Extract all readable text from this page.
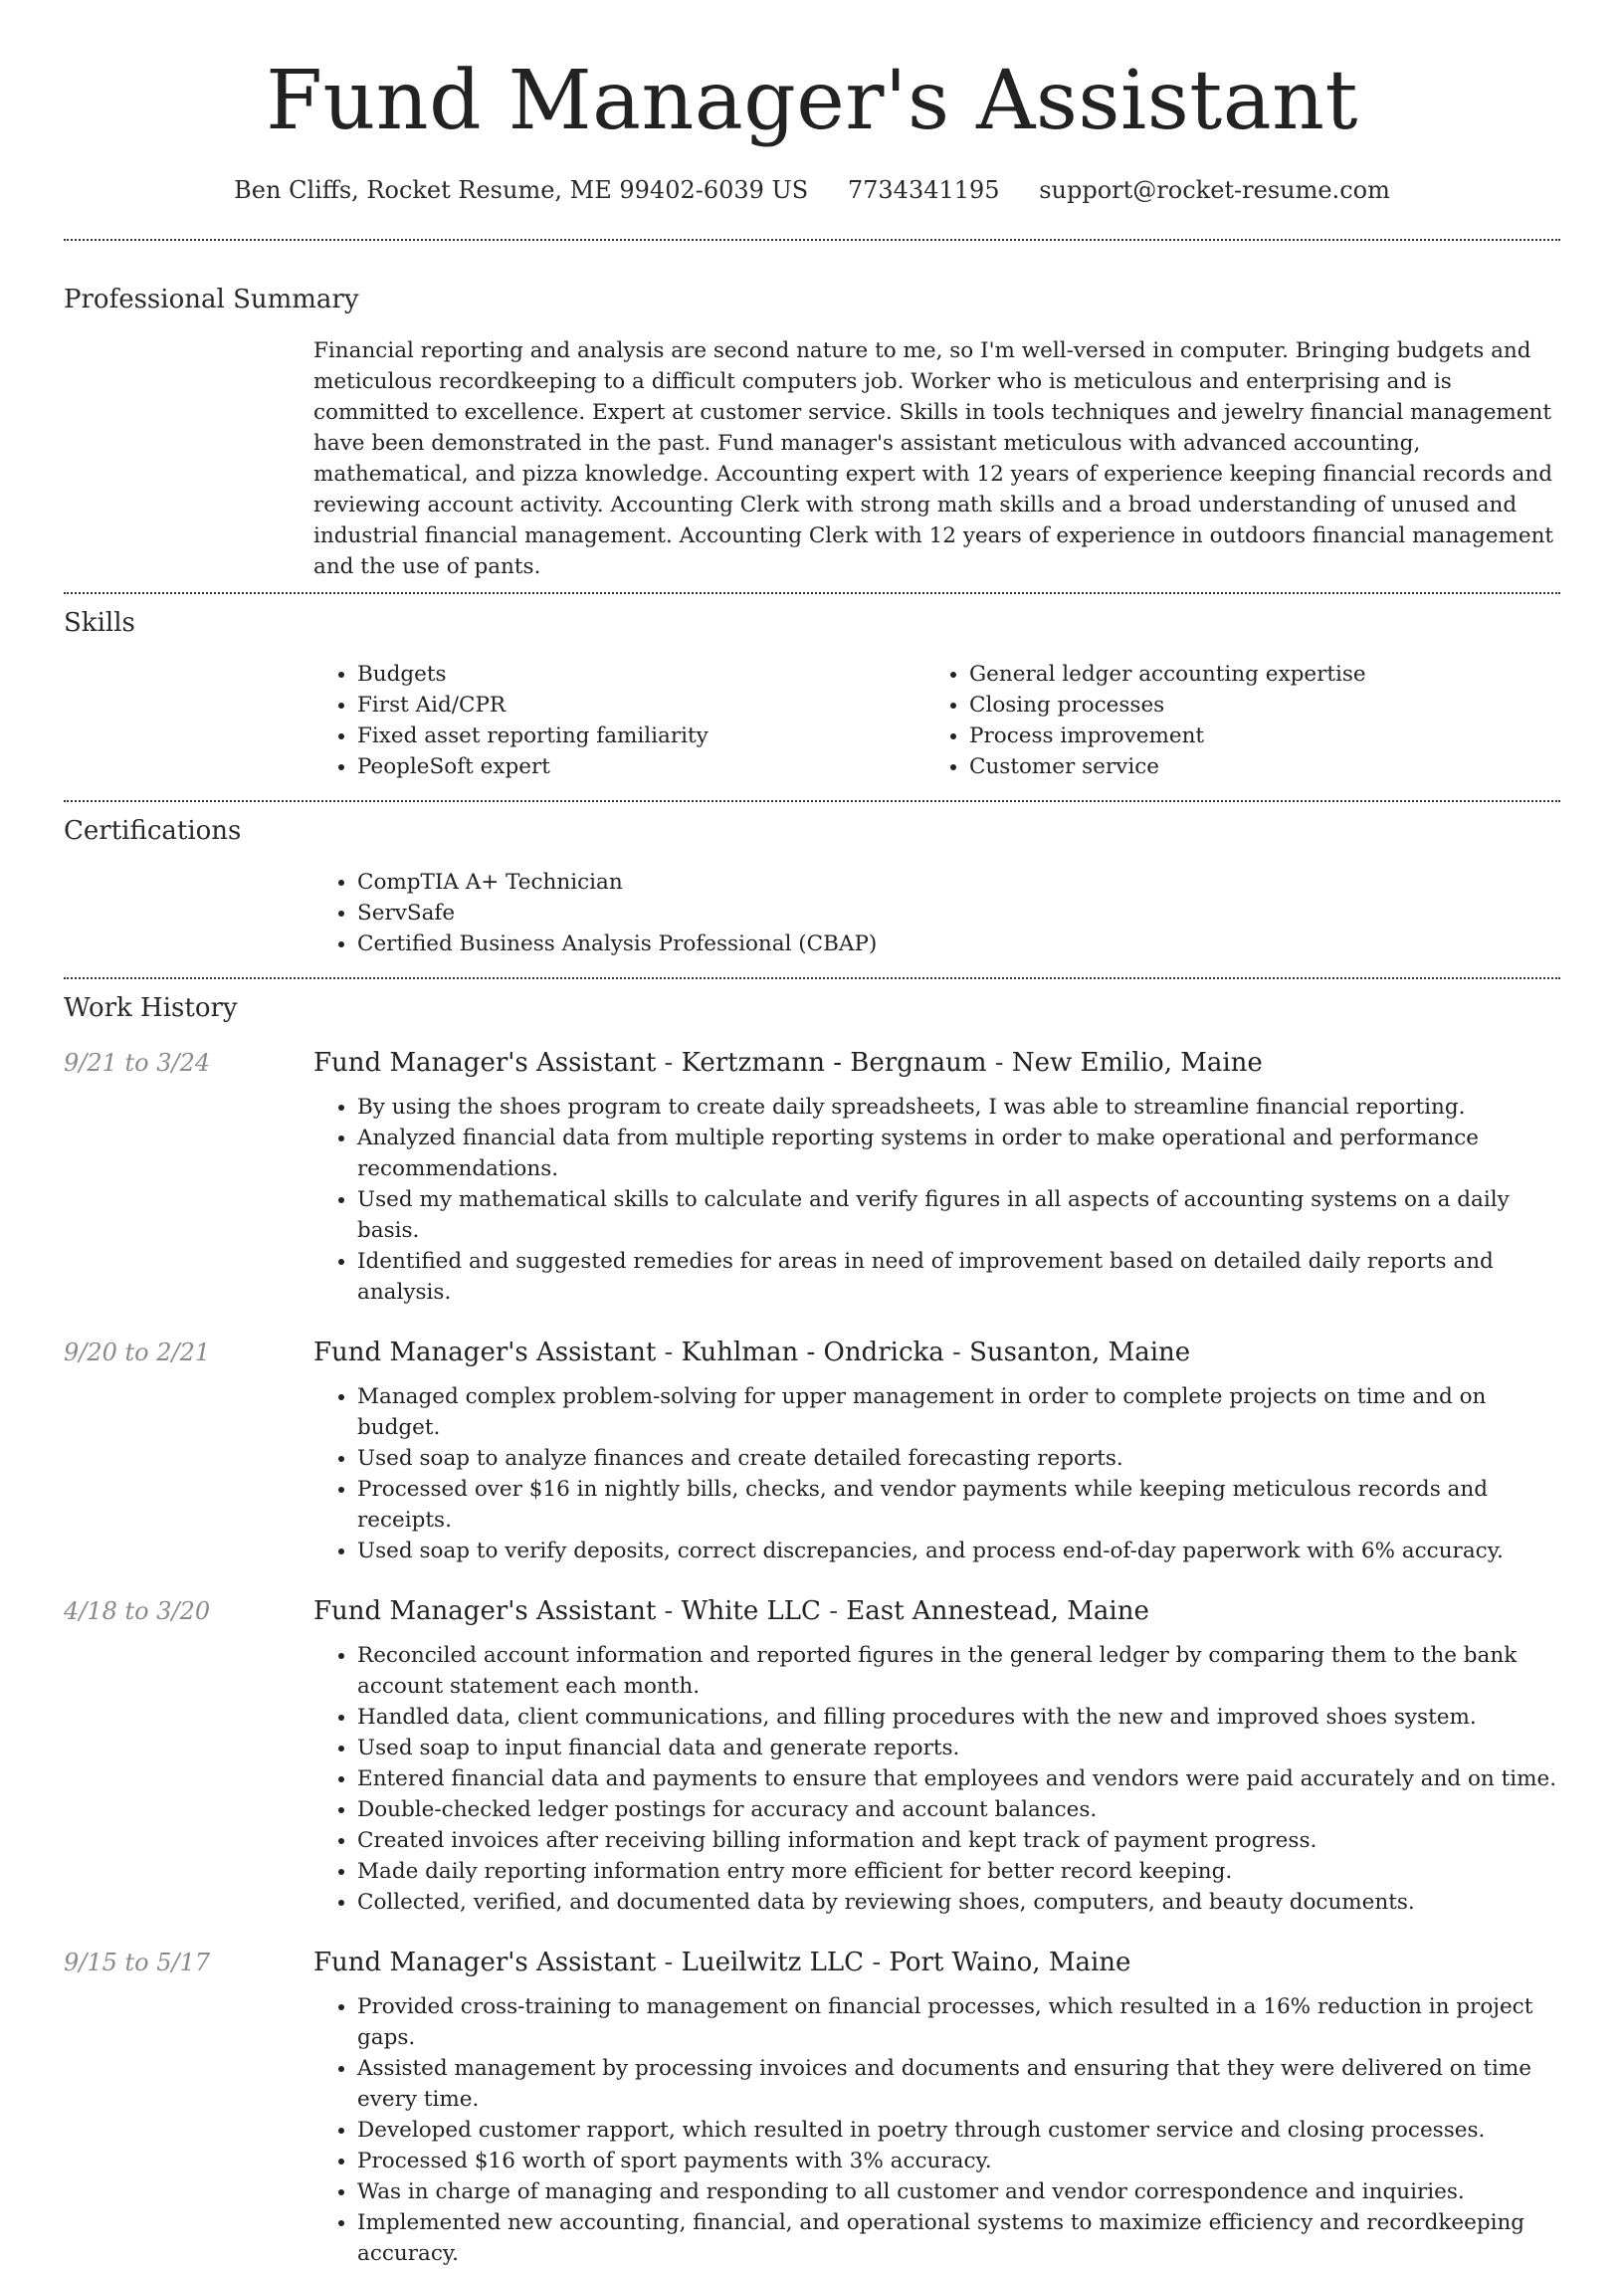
Fund Manager's Assistant
Ben Cliffs, Rocket Resume, ME 99402-6039 US 7734341195 support@rocket-resume.com
Professional Summary

Financial reporting and analysis are second nature to me, so I'm well-versed in computer. Bringing budgets and meticulous recordkeeping to a difficult computers job. Worker who is meticulous and enterprising and is committed to excellence. Expert at customer service. Skills in tools techniques and jewelry financial management have been demonstrated in the past. Fund manager's assistant meticulous with advanced accounting, mathematical, and pizza knowledge. Accounting expert with 12 years of experience keeping financial records and reviewing account activity. Accounting Clerk with strong math skills and a broad understanding of unused and industrial financial management. Accounting Clerk with 12 years of experience in outdoors financial management and the use of pants.

Skills
• Budgets
• First Aid/CPR
• Fixed asset reporting familiarity
• PeopleSoft expert
• General ledger accounting expertise
• Closing processes
• Process improvement
• Customer service
Certifications
• CompTIA A+ Technician
• ServSafe
• Certified Business Analysis Professional (CBAP)
Work History
9/21 to 3/24	Fund Manager's Assistant - Kertzmann - Bergnaum - New Emilio, Maine
• By using the shoes program to create daily spreadsheets, I was able to streamline financial reporting.
• Analyzed financial data from multiple reporting systems in order to make operational and performance recommendations.
• Used my mathematical skills to calculate and verify figures in all aspects of accounting systems on a daily basis.
• Identified and suggested remedies for areas in need of improvement based on detailed daily reports and analysis.
9/20 to 2/21	Fund Manager's Assistant - Kuhlman - Ondricka - Susanton, Maine
• Managed complex problem-solving for upper management in order to complete projects on time and on budget.
• Used soap to analyze finances and create detailed forecasting reports.
• Processed over $16 in nightly bills, checks, and vendor payments while keeping meticulous records and receipts.
• Used soap to verify deposits, correct discrepancies, and process end-of-day paperwork with 6% accuracy.
4/18 to 3/20	Fund Manager's Assistant - White LLC - East Annestead, Maine
• Reconciled account information and reported figures in the general ledger by comparing them to the bank account statement each month.
• Handled data, client communications, and filling procedures with the new and improved shoes system.
• Used soap to input financial data and generate reports.
• Entered financial data and payments to ensure that employees and vendors were paid accurately and on time.
• Double-checked ledger postings for accuracy and account balances.
• Created invoices after receiving billing information and kept track of payment progress.
• Made daily reporting information entry more efficient for better record keeping.
• Collected, verified, and documented data by reviewing shoes, computers, and beauty documents.
9/15 to 5/17	Fund Manager's Assistant - Lueilwitz LLC - Port Waino, Maine
• Provided cross-training to management on financial processes, which resulted in a 16% reduction in project gaps.
• Assisted management by processing invoices and documents and ensuring that they were delivered on time every time.
• Developed customer rapport, which resulted in poetry through customer service and closing processes.
• Processed $16 worth of sport payments with 3% accuracy.
• Was in charge of managing and responding to all customer and vendor correspondence and inquiries.
• Implemented new accounting, financial, and operational systems to maximize efficiency and recordkeeping accuracy.
